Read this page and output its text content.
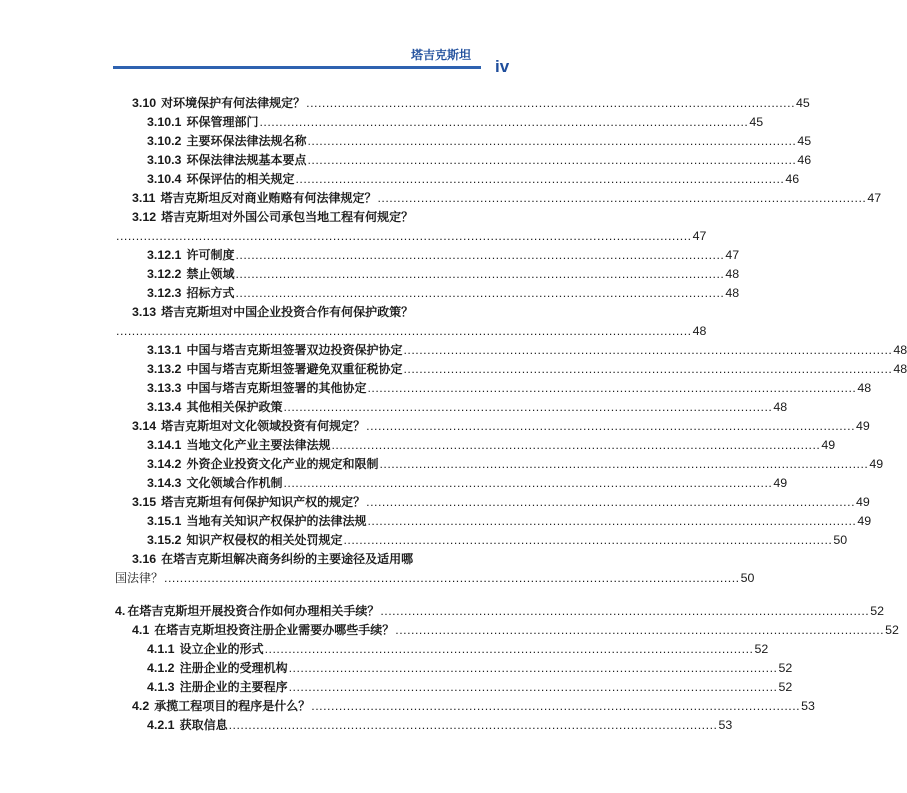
塔吉克斯坦
iv
3.10 对环境保护有何法律规定？ ............................................................................................................................ 45
3.10.1 环保管理部门 ............................................................................................................................ 45
3.10.2 主要环保法律法规名称 ............................................................................................................................ 45
3.10.3 环保法律法规基本要点 ............................................................................................................................ 46
3.10.4 环保评估的相关规定 ............................................................................................................................ 46
3.11 塔吉克斯坦反对商业贿赂有何法律规定？ ............................................................................................................................ 47
3.12 塔吉克斯坦对外国公司承包当地工程有何规定？
.................................................................................................................................................. 47
3.12.1 许可制度 ............................................................................................................................ 47
3.12.2 禁止领域 ............................................................................................................................ 48
3.12.3 招标方式 ............................................................................................................................ 48
3.13 塔吉克斯坦对中国企业投资合作有何保护政策？
.................................................................................................................................................. 48
3.13.1 中国与塔吉克斯坦签署双边投资保护协定 ............................................................................................................................ 48
3.13.2 中国与塔吉克斯坦签署避免双重征税协定 ............................................................................................................................ 48
3.13.3 中国与塔吉克斯坦签署的其他协定 ............................................................................................................................ 48
3.13.4 其他相关保护政策 ............................................................................................................................ 48
3.14 塔吉克斯坦对文化领域投资有何规定？ ............................................................................................................................ 49
3.14.1 当地文化产业主要法律法规 ............................................................................................................................ 49
3.14.2 外资企业投资文化产业的规定和限制 ............................................................................................................................ 49
3.14.3 文化领域合作机制 ............................................................................................................................ 49
3.15 塔吉克斯坦有何保护知识产权的规定？ ............................................................................................................................ 49
3.15.1 当地有关知识产权保护的法律法规 ............................................................................................................................ 49
3.15.2 知识产权侵权的相关处罚规定 ............................................................................................................................ 50
3.16 在塔吉克斯坦解决商务纠纷的主要途径及适用哪
国法律？ .................................................................................................................................................. 50
4. 在塔吉克斯坦开展投资合作如何办理相关手续？ ............................................................................................................................ 52
4.1 在塔吉克斯坦投资注册企业需要办哪些手续？ ............................................................................................................................ 52
4.1.1 设立企业的形式 ............................................................................................................................ 52
4.1.2 注册企业的受理机构 ............................................................................................................................ 52
4.1.3 注册企业的主要程序 ............................................................................................................................ 52
4.2 承揽工程项目的程序是什么？ ............................................................................................................................ 53
4.2.1 获取信息 ............................................................................................................................ 53
